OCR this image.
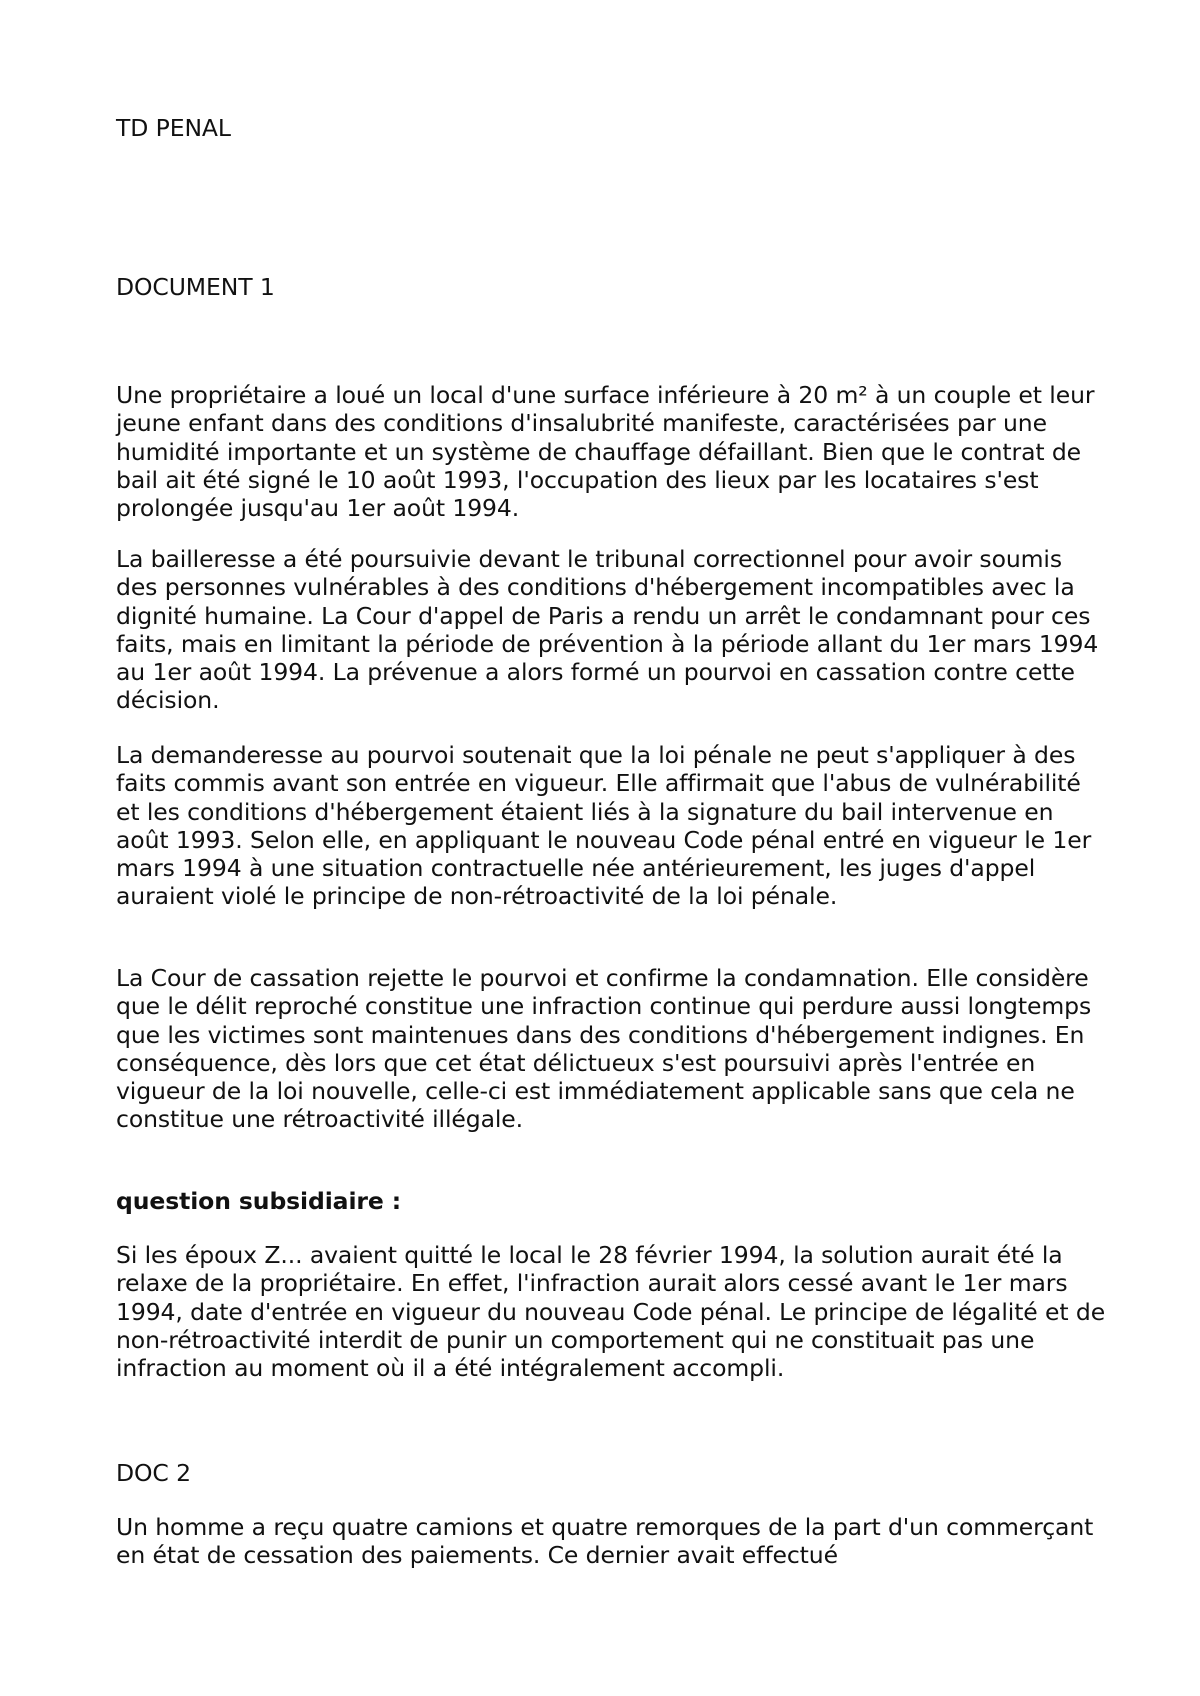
TD PENAL

DOCUMENT 1

Une propriétaire a loué un local d'une surface inférieure à 20 m² à un couple et leur jeune enfant dans des conditions d'insalubrité manifeste, caractérisées par une humidité importante et un système de chauffage défaillant. Bien que le contrat de bail ait été signé le 10 août 1993, l'occupation des lieux par les locataires s'est prolongée jusqu'au 1er août 1994.

La bailleresse a été poursuivie devant le tribunal correctionnel pour avoir soumis des personnes vulnérables à des conditions d'hébergement incompatibles avec la dignité humaine. La Cour d'appel de Paris a rendu un arrêt le condamnant pour ces faits, mais en limitant la période de prévention à la période allant du 1er mars 1994 au 1er août 1994. La prévenue a alors formé un pourvoi en cassation contre cette décision.

La demanderesse au pourvoi soutenait que la loi pénale ne peut s'appliquer à des faits commis avant son entrée en vigueur. Elle affirmait que l'abus de vulnérabilité et les conditions d'hébergement étaient liés à la signature du bail intervenue en août 1993. Selon elle, en appliquant le nouveau Code pénal entré en vigueur le 1er mars 1994 à une situation contractuelle née antérieurement, les juges d'appel auraient violé le principe de non-rétroactivité de la loi pénale.

La Cour de cassation rejette le pourvoi et confirme la condamnation. Elle considère que le délit reproché constitue une infraction continue qui perdure aussi longtemps que les victimes sont maintenues dans des conditions d'hébergement indignes. En conséquence, dès lors que cet état délictueux s'est poursuivi après l'entrée en vigueur de la loi nouvelle, celle-ci est immédiatement applicable sans que cela ne constitue une rétroactivité illégale.

question subsidiaire :

Si les époux Z... avaient quitté le local le 28 février 1994, la solution aurait été la relaxe de la propriétaire. En effet, l'infraction aurait alors cessé avant le 1er mars 1994, date d'entrée en vigueur du nouveau Code pénal. Le principe de légalité et de non-rétroactivité interdit de punir un comportement qui ne constituait pas une infraction au moment où il a été intégralement accompli.

DOC 2

Un homme a reçu quatre camions et quatre remorques de la part d'un commerçant en état de cessation des paiements. Ce dernier avait effectué
